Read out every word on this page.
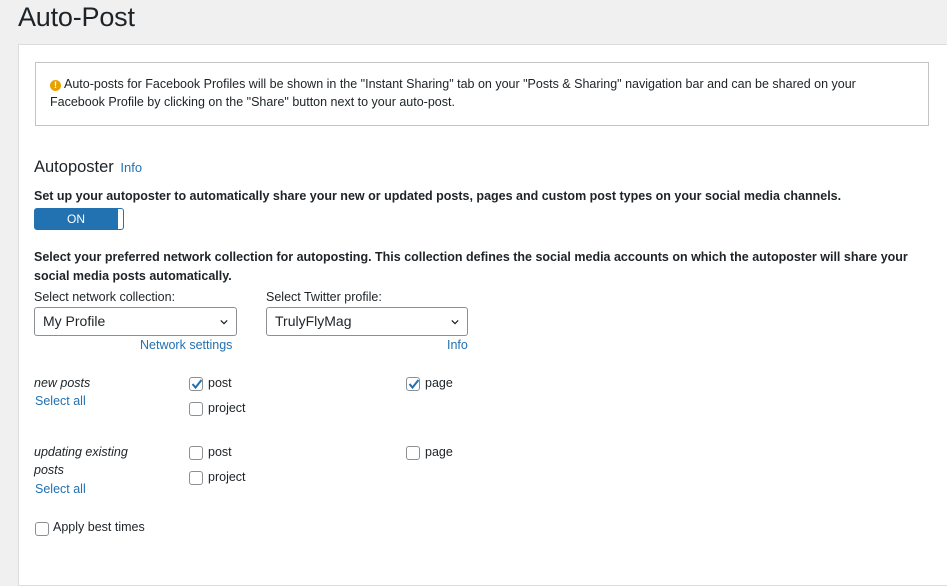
Auto-Post
! Auto-posts for Facebook Profiles will be shown in the "Instant Sharing" tab on your "Posts & Sharing" navigation bar and can be shared on your Facebook Profile by clicking on the "Share" button next to your auto-post.
Autoposter Info
Set up your autoposter to automatically share your new or updated posts, pages and custom post types on your social media channels.
ON
Select your preferred network collection for autoposting. This collection defines the social media accounts on which the autoposter will share your social media posts automatically.
Select network collection:
My Profile
Network settings
Select Twitter profile:
TrulyFlyMag
Info
new posts
Select all
post	page
project
updating existing posts
Select all
post	page
project
Apply best times
